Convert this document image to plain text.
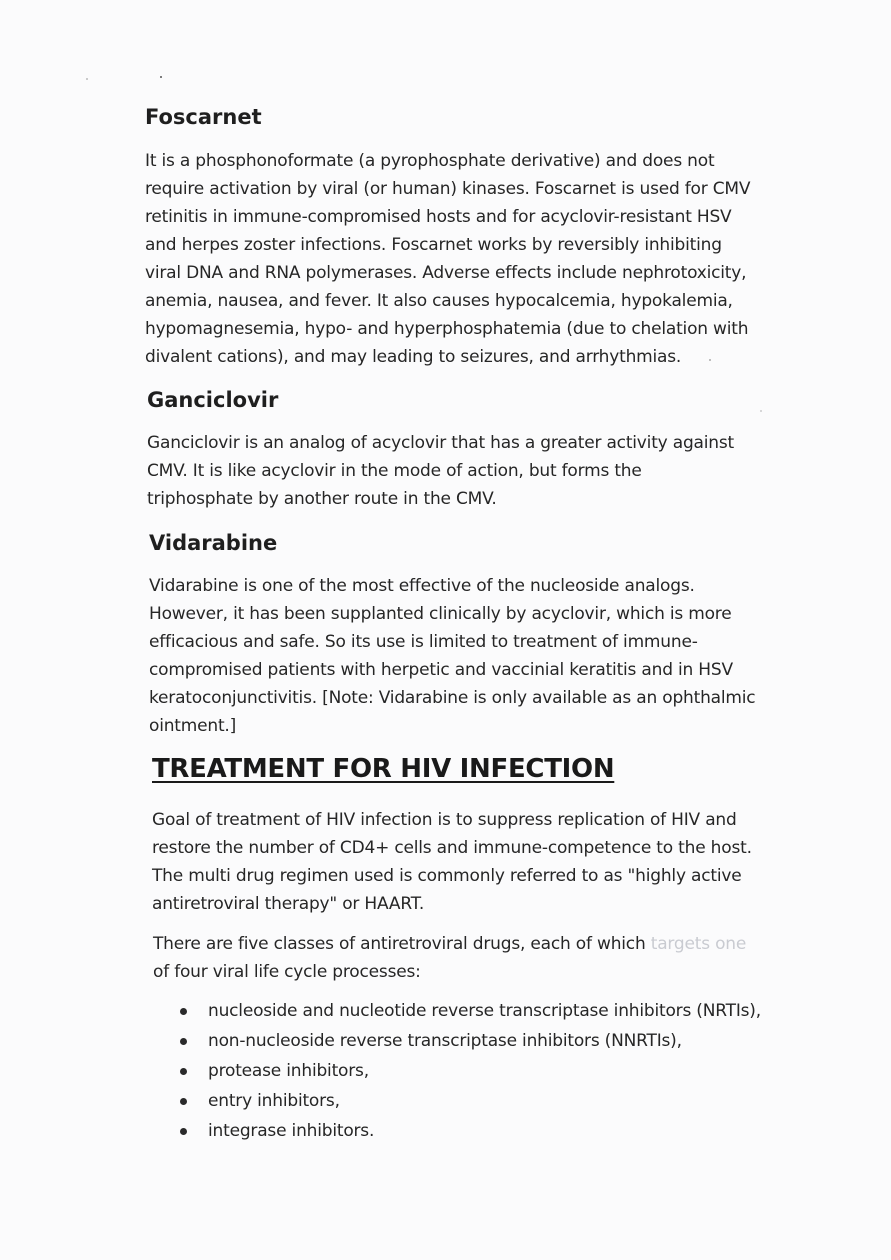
Foscarnet

It is a phosphonoformate (a pyrophosphate derivative) and does not

require activation by viral (or human) kinases. Foscarnet is used for CMV

retinitis in immune-compromised hosts and for acyclovir-resistant HSV

and herpes zoster infections. Foscarnet works by reversibly inhibiting

viral DNA and RNA polymerases. Adverse effects include nephrotoxicity,

anemia, nausea, and fever. It also causes hypocalcemia, hypokalemia,

hypomagnesemia, hypo- and hyperphosphatemia (due to chelation with

divalent cations), and may leading to seizures, and arrhythmias.

Ganciclovir

Ganciclovir is an analog of acyclovir that has a greater activity against

CMV. It is like acyclovir in the mode of action, but forms the

triphosphate by another route in the CMV.

Vidarabine

Vidarabine is one of the most effective of the nucleoside analogs.

However, it has been supplanted clinically by acyclovir, which is more

efficacious and safe. So its use is limited to treatment of immune-

compromised patients with herpetic and vaccinial keratitis and in HSV

keratoconjunctivitis. [Note: Vidarabine is only available as an ophthalmic

ointment.]

TREATMENT FOR HIV INFECTION

Goal of treatment of HIV infection is to suppress replication of HIV and

restore the number of CD4+ cells and immune-competence to the host.

The multi drug regimen used is commonly referred to as "highly active

antiretroviral therapy" or HAART.

There are five classes of antiretroviral drugs, each of which targets one

of four viral life cycle processes:

nucleoside and nucleotide reverse transcriptase inhibitors (NRTIs),
non-nucleoside reverse transcriptase inhibitors (NNRTIs),
protease inhibitors,
entry inhibitors,
integrase inhibitors.
